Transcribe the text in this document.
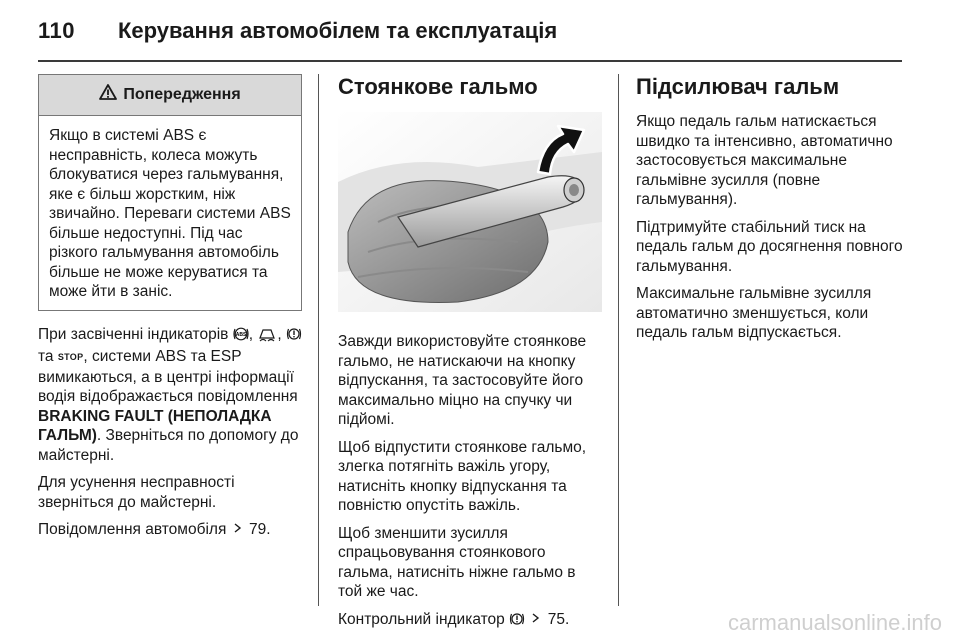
110 Керування автомобілем та експлуатація
Попередження
Якщо в системі ABS є несправність, колеса можуть блокуватися через гальмування, яке є більш жорстким, ніж звичайно. Переваги системи ABS більше недоступні. Під час різкого гальмування автомобіль більше не може керуватися та може йти в заніс.

При засвіченні індикаторів ABS , ,  та STOP, системи ABS та ESP вимикаються, а в центрі інформації водія відображається повідомлення BRAKING FAULT (НЕПОЛАДКА ГАЛЬМ). Зверніться по допомогу до майстерні.

Для усунення несправності зверніться до майстерні.

Повідомлення автомобіля 79.

Стоянкове гальмо

Завжди використовуйте стоянкове гальмо, не натискаючи на кнопку відпускання, та застосовуйте його максимально міцно на спучку чи підйомі.

Щоб відпустити стоянкове гальмо, злегка потягніть важіль угору, натисніть кнопку відпускання та повністю опустіть важіль.

Щоб зменшити зусилля спрацьовування стоянкового гальма, натисніть ніжне гальмо в той же час.

Контрольний індикатор	75.

Підсилювач гальм

Якщо педаль гальм натискається швидко та інтенсивно, автоматично застосовується максимальне гальмівне зусилля (повне гальмування).

Підтримуйте стабільний тиск на педаль гальм до досягнення повного гальмування.

Максимальне гальмівне зусилля автоматично зменшується, коли педаль гальм відпускається.

carmanualsonline.info
